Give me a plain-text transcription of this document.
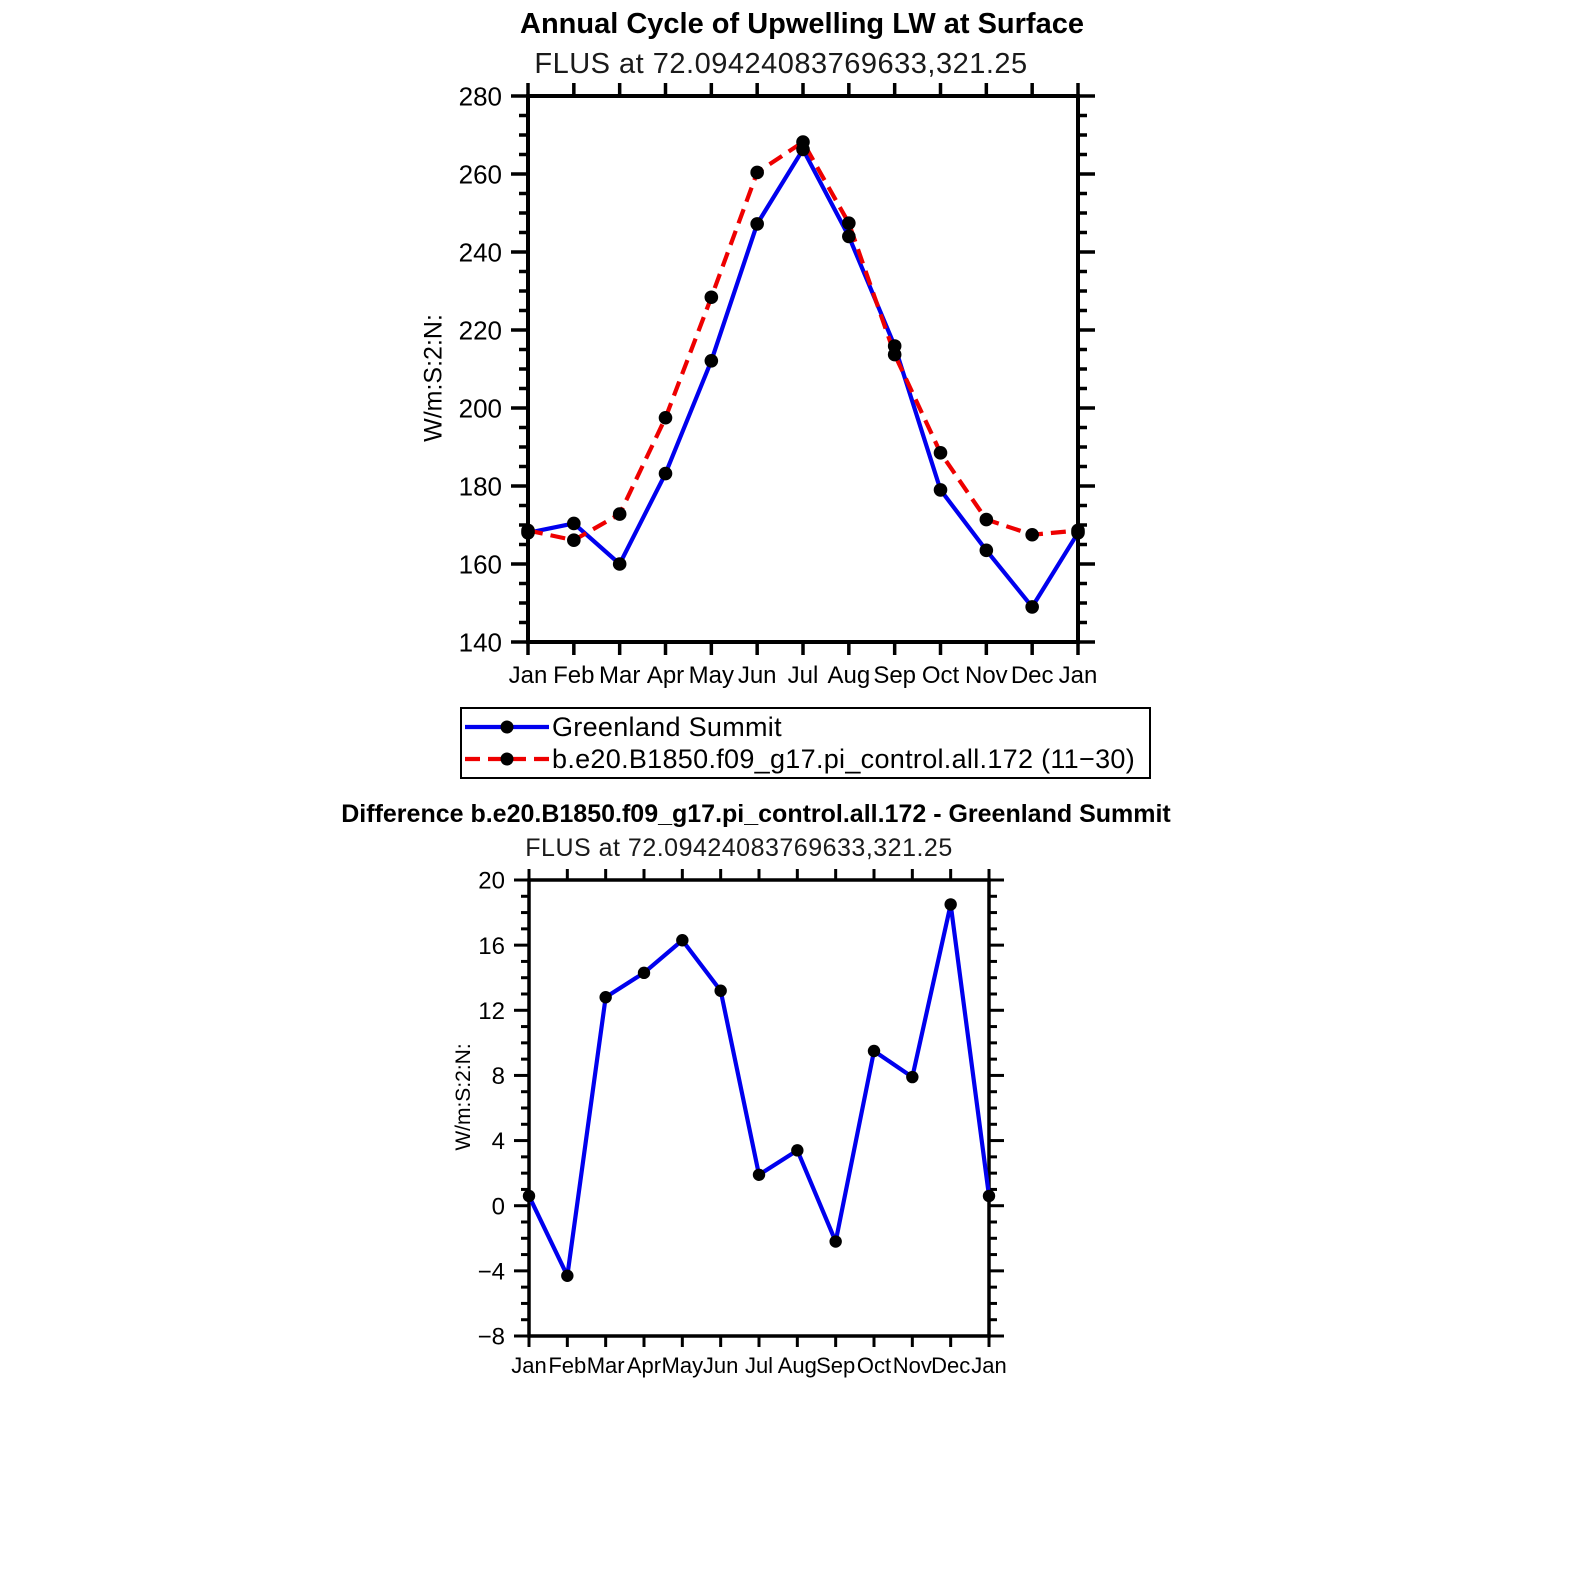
140
160
180
200
220
240
260
280
Jan Feb Mar Apr May Jun Jul Aug Sep Oct Nov Dec Jan
−8
−4
0
4
8
12
16
20
Jan Feb Mar Apr May Jun Jul Aug Sep Oct Nov Dec Jan
Annual Cycle of Upwelling LW at Surface
FLUS at 72.09424083769633,321.25
W/m:S:2:N:
Greenland Summit
b.e20.B1850.f09_g17.pi_control.all.172 (11−30)
Difference b.e20.B1850.f09_g17.pi_control.all.172 - Greenland Summit
FLUS at 72.09424083769633,321.25
W/m:S:2:N:
